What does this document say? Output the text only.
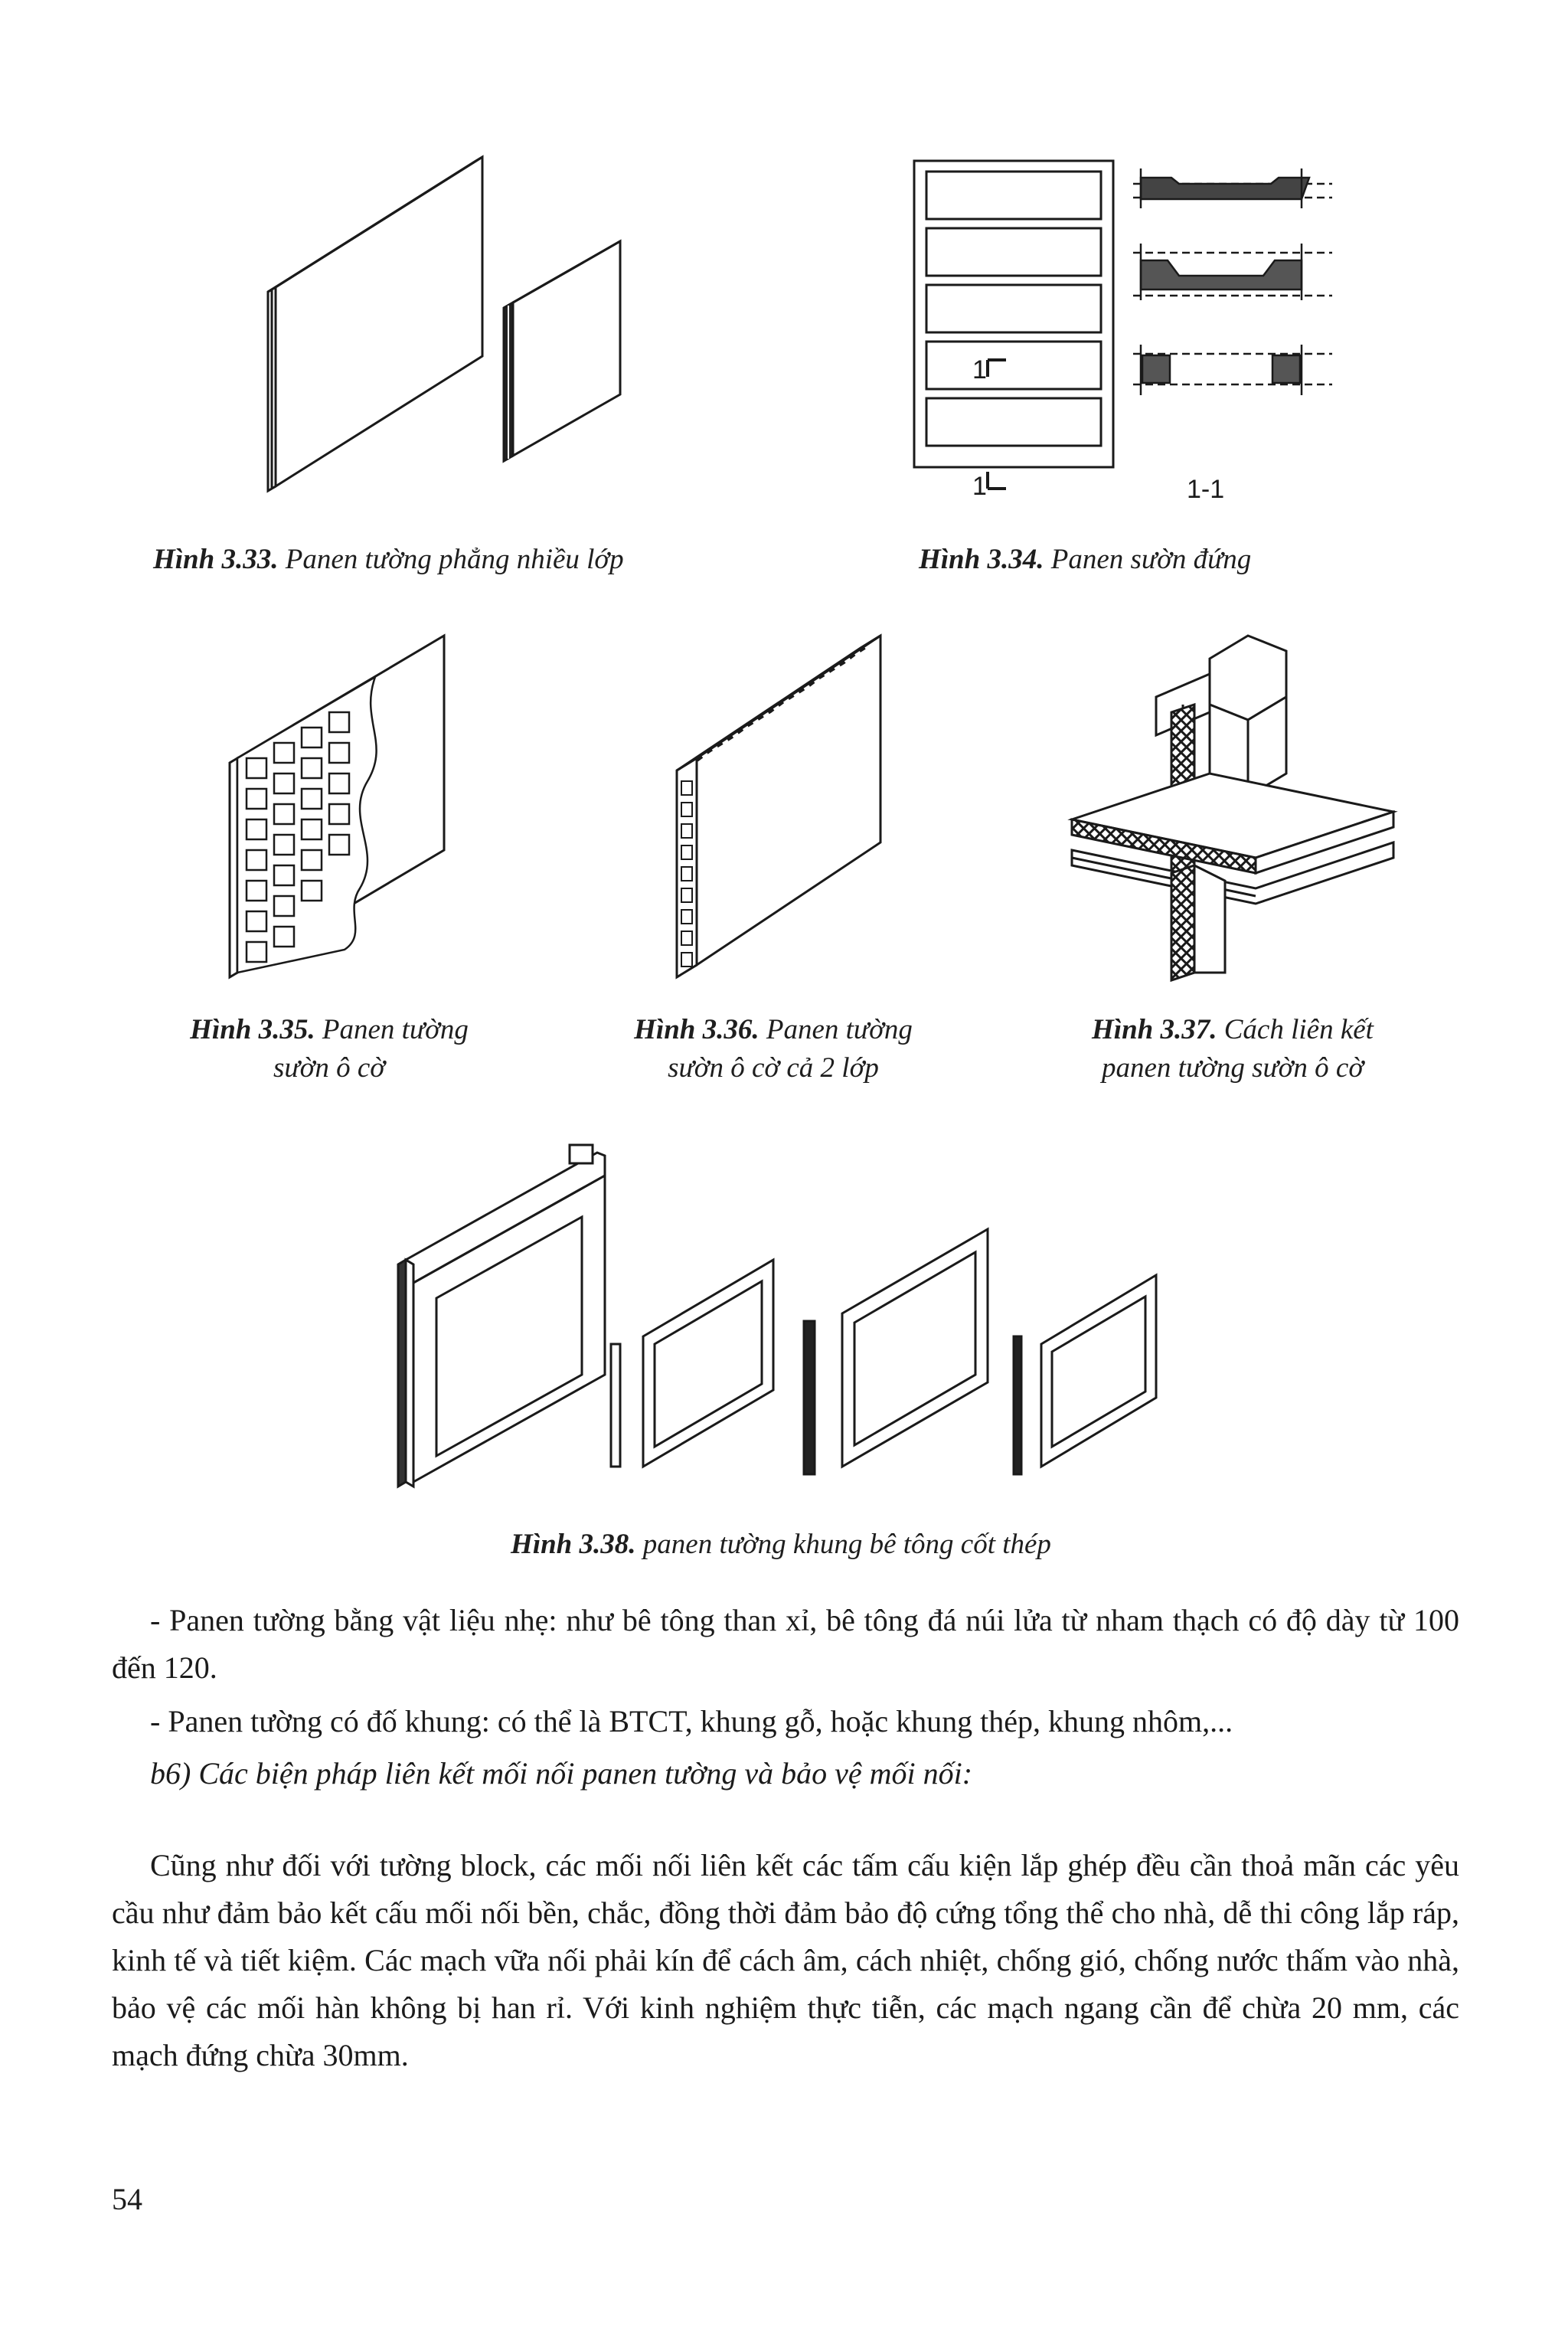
Hình 3.33. Panen tường phẳng nhiều lớp
1
1	1-1
Hình 3.34. Panen sườn đứng
Hình 3.35. Panen tường
sườn ô cờ
Hình 3.36. Panen tường
sườn ô cờ cả 2 lớp
Hình 3.37. Cách liên kết
panen tường sườn ô cờ
Hình 3.38. panen tường khung bê tông cốt thép
- Panen tường bằng vật liệu nhẹ: như bê tông than xỉ, bê tông đá núi lửa từ nham thạch có độ dày từ 100 đến 120.
- Panen tường có đố khung: có thể là BTCT, khung gỗ, hoặc khung thép, khung nhôm,...
b6) Các biện pháp liên kết mối nối panen tường và bảo vệ mối nối:
Cũng như đối với tường block, các mối nối liên kết các tấm cấu kiện lắp ghép đều cần thoả mãn các yêu cầu như đảm bảo kết cấu mối nối bền, chắc, đồng thời đảm bảo độ cứng tổng thể cho nhà, dễ thi công lắp ráp, kinh tế và tiết kiệm. Các mạch vữa nối phải kín để cách âm, cách nhiệt, chống gió, chống nước thấm vào nhà, bảo vệ các mối hàn không bị han rỉ. Với kinh nghiệm thực tiễn, các mạch ngang cần để chừa 20 mm, các mạch đứng chừa 30mm.
54
